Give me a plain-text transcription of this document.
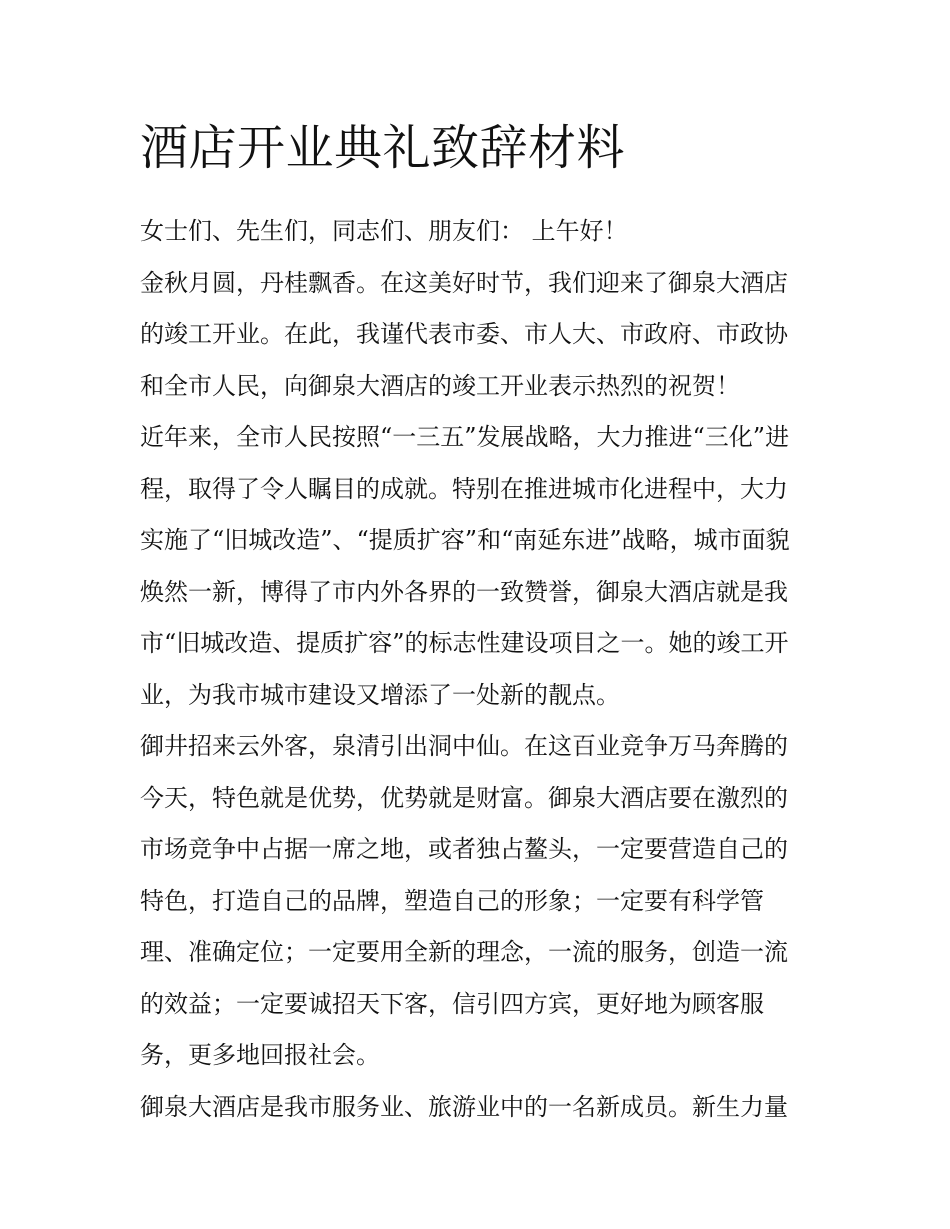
酒店开业典礼致辞材料

女士们、先生们，同志们、朋友们： 上午好！

金秋月圆，丹桂飘香。在这美好时节，我们迎来了御泉大酒店

的竣工开业。在此，我谨代表市委、市人大、市政府、市政协

和全市人民，向御泉大酒店的竣工开业表示热烈的祝贺！

近年来，全市人民按照“一三五”发展战略，大力推进“三化”进

程，取得了令人瞩目的成就。特别在推进城市化进程中，大力

实施了“旧城改造”、“提质扩容”和“南延东进”战略，城市面貌

焕然一新，博得了市内外各界的一致赞誉，御泉大酒店就是我

市“旧城改造、提质扩容”的标志性建设项目之一。她的竣工开

业，为我市城市建设又增添了一处新的靓点。

御井招来云外客，泉清引出洞中仙。在这百业竞争万马奔腾的

今天，特色就是优势，优势就是财富。御泉大酒店要在激烈的

市场竞争中占据一席之地，或者独占鳌头，一定要营造自己的

特色，打造自己的品牌，塑造自己的形象；一定要有科学管

理、准确定位；一定要用全新的理念，一流的服务，创造一流

的效益；一定要诚招天下客，信引四方宾，更好地为顾客服

务，更多地回报社会。

御泉大酒店是我市服务业、旅游业中的一名新成员。新生力量
